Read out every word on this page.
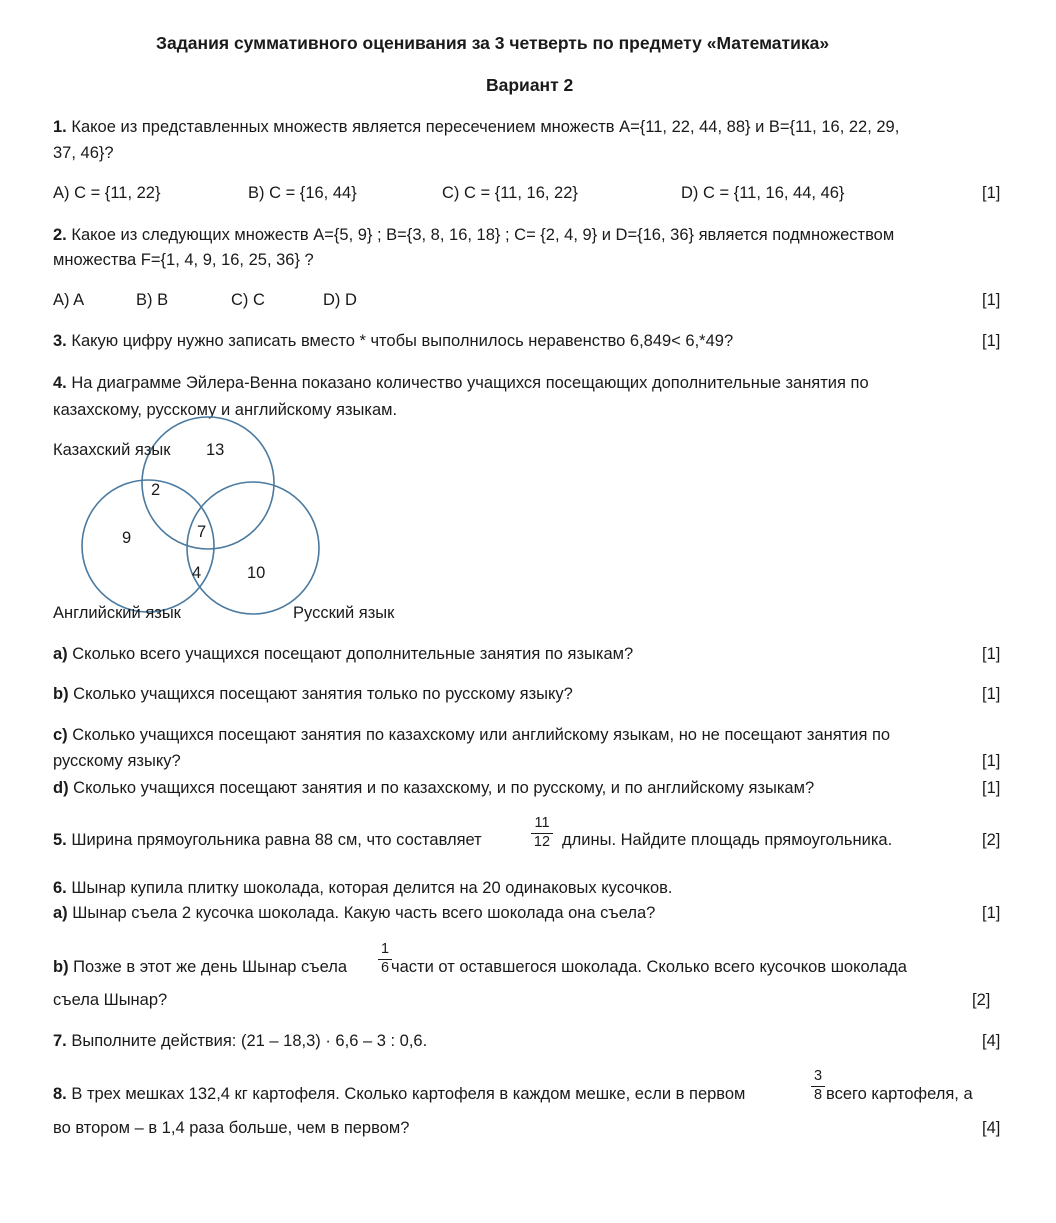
Задания суммативного оценивания за 3 четверть по предмету «Математика»
Вариант 2
1. Какое из представленных множеств является пересечением множеств А={11, 22, 44, 88} и В={11, 16, 22, 29,
37, 46}?
A) C = {11, 22}	B) C = {16, 44}	C) C = {11, 16, 22}	D) C = {11, 16, 44, 46}	[1]
2. Какое из следующих множеств А={5, 9} ; B={3, 8, 16, 18} ; C= {2, 4, 9} и D={16, 36} является подмножеством
множества F={1, 4, 9, 16, 25, 36} ?
A) A	B) B	C) C	D) D	[1]
3. Какую цифру нужно записать вместо * чтобы выполнилось неравенство 6,849< 6,*49?	[1]
4. На диаграмме Эйлера-Венна показано количество учащихся посещающих дополнительные занятия по
казахскому, русскому и английскому языкам.
Казахский язык 13
2
9	7
4	10
Английский язык	Русский язык
a) Сколько всего учащихся посещают дополнительные занятия по языкам?	[1]
b) Сколько учащихся посещают занятия только по русскому языку?	[1]
c) Сколько учащихся посещают занятия по казахскому или английскому языкам, но не посещают занятия по
русскому языку?	[1]
d) Сколько учащихся посещают занятия и по казахскому, и по русскому, и по английскому языкам?	[1]
5. Ширина прямоугольника равна 88 см, что составляет
11
12 длины. Найдите площадь прямоугольника.	[2]
6. Шынар купила плитку шоколада, которая делится на 20 одинаковых кусочков.
a) Шынар съела 2 кусочка шоколада. Какую часть всего шоколада она съела?	[1]
b) Позже в этот же день Шынар съела
1
6 части от оставшегося шоколада. Сколько всего кусочков шоколада
съела Шынар?	[2]
7. Выполните действия: (21 – 18,3) · 6,6 – 3 : 0,6.	[4]
8. В трех мешках 132,4 кг картофеля. Сколько картофеля в каждом мешке, если в первом
3
8 всего картофеля, а
во втором – в 1,4 раза больше, чем в первом?	[4]
